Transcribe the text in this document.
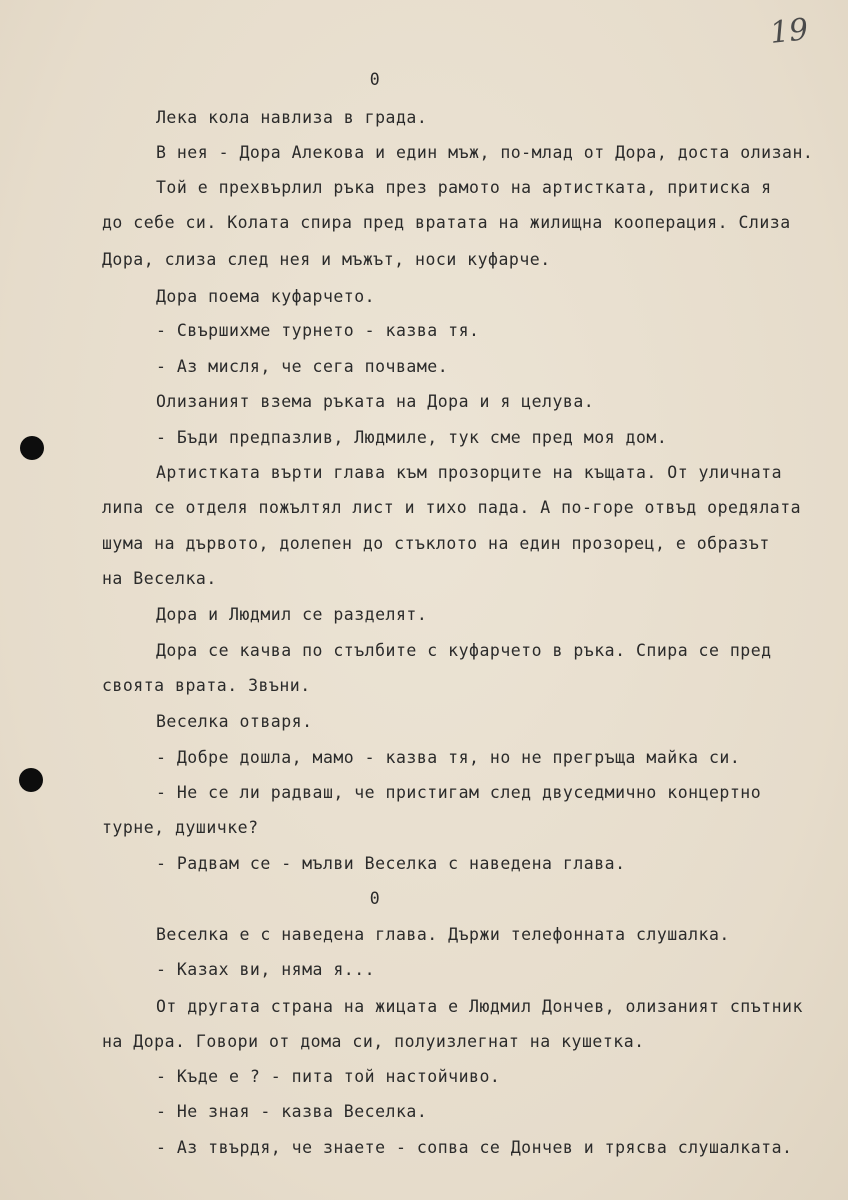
19
0
Лека кола навлиза в града.
В нея - Дора Алекова и един мъж, по-млад от Дора, доста олизан.
Той е прехвърлил ръка през рамото на артистката, притиска я
до себе си. Колата спира пред вратата на жилищна кооперация. Слиза
Дора, слиза след нея и мъжът, носи куфарче.
Дора поема куфарчето.
- Свършихме турнето - казва тя.
- Аз мисля, че сега почваме.
Олизаният взема ръката на Дора и я целува.
- Бъди предпазлив, Людмиле, тук сме пред моя дом.
Артистката върти глава към прозорците на къщата. От уличната
липа се отделя пожълтял лист и тихо пада. А по-горе отвъд оредялата
шума на дървото, долепен до стъклото на един прозорец, е образът
на Веселка.
Дора и Людмил се разделят.
Дора се качва по стълбите с куфарчето в ръка. Спира се пред
своята врата. Звъни.
Веселка отваря.
- Добре дошла, мамо - казва тя, но не прегръща майка си.
- Не се ли радваш, че пристигам след двуседмично концертно
турне, душичке?
- Радвам се - мълви Веселка с наведена глава.
0
Веселка е с наведена глава. Държи телефонната слушалка.
- Казах ви, няма я...
От другата страна на жицата е Людмил Дончев, олизаният спътник
на Дора. Говори от дома си, полуизлегнат на кушетка.
- Къде е ? - пита той настойчиво.
- Не зная - казва Веселка.
- Аз твърдя, че знаете - сопва се Дончев и трясва слушалката.
